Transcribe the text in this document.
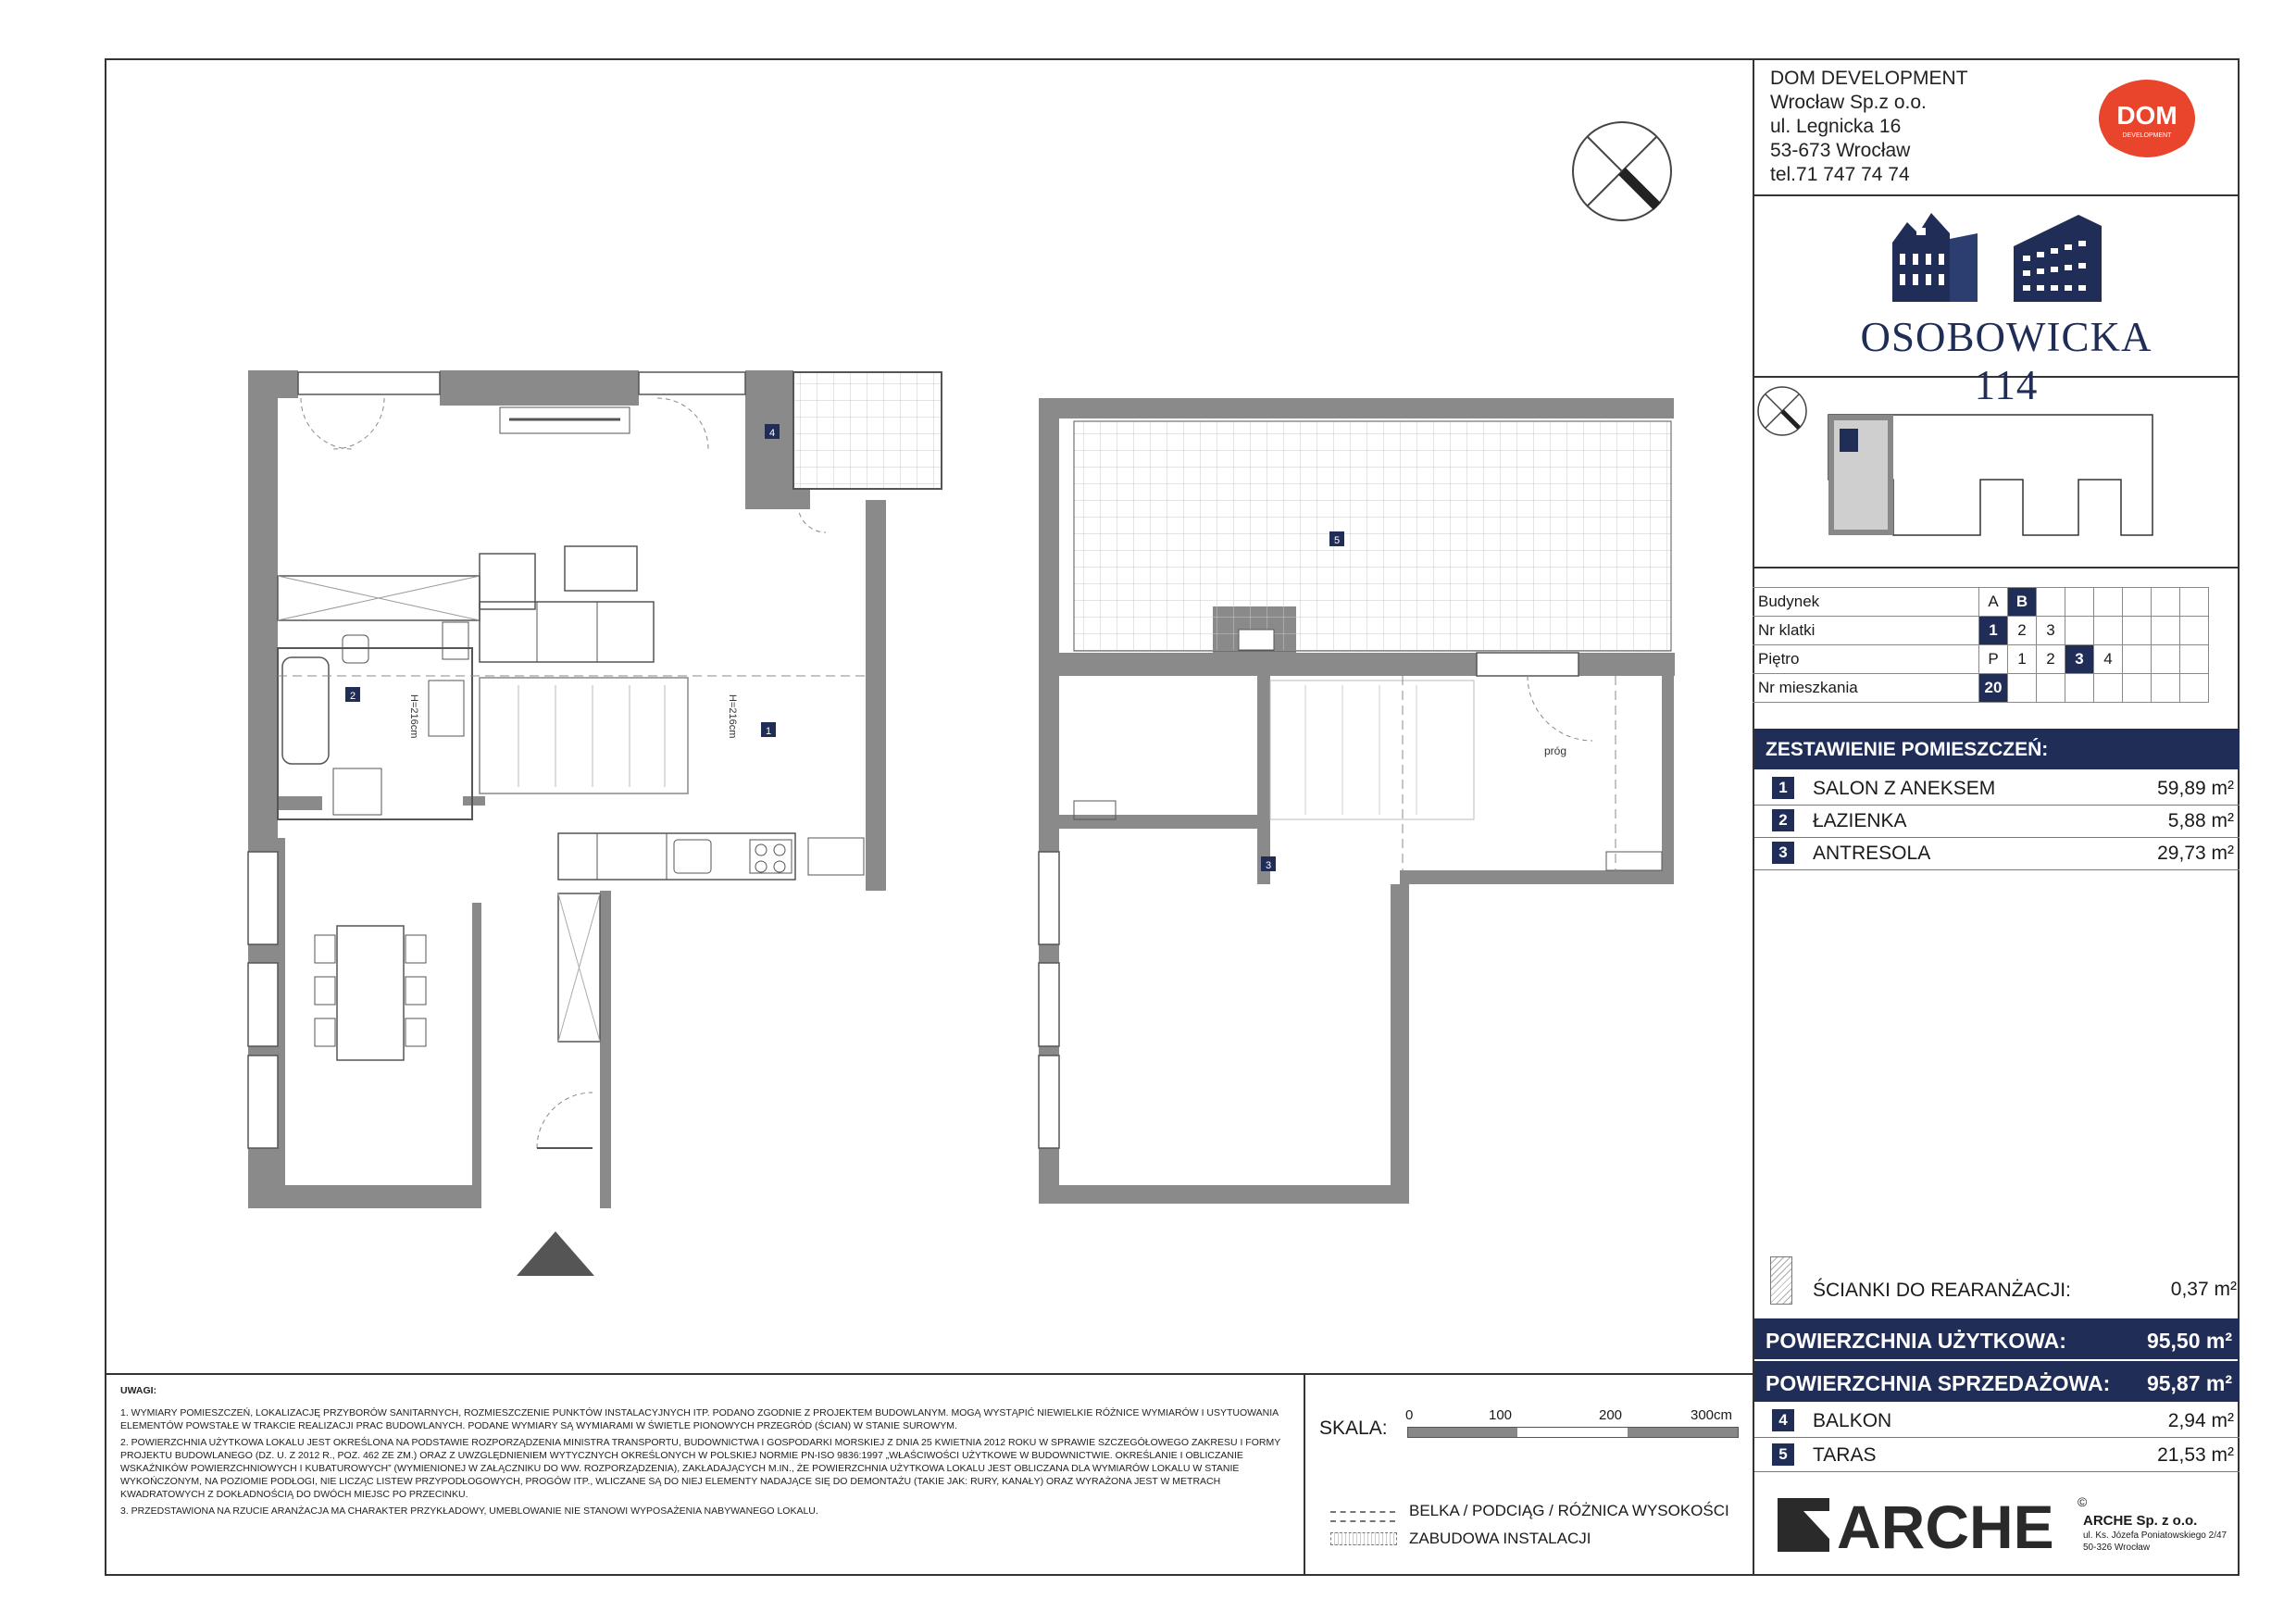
DOM DEVELOPMENT
Wrocław Sp.z o.o.
ul. Legnicka 16
53-673 Wrocław
tel.71 747 74 74
DOM
DEVELOPMENT
OSOBOWICKA 114
Budynek	A	B						
Nr klatki	1	2	3					
Piętro	P	1	2	3	4			
Nr mieszkania	20							
ZESTAWIENIE POMIESZCZEŃ:
1	SALON Z ANEKSEM	59,89 m²
2	ŁAZIENKA	5,88 m²
3	ANTRESOLA	29,73 m²
ŚCIANKI DO REARANŻACJI:	0,37 m²
POWIERZCHNIA UŻYTKOWA:	95,50 m²
POWIERZCHNIA SPRZEDAŻOWA: 95,87 m²
4	BALKON	2,94 m²
5	TARAS	21,53 m²
ARCHE ©
ARCHE Sp. z o.o.
ul. Ks. Józefa Poniatowskiego 2/47
50-326 Wrocław

UWAGI:

1. WYMIARY POMIESZCZEŃ, LOKALIZACJĘ PRZYBORÓW SANITARNYCH, ROZMIESZCZENIE PUNKTÓW INSTALACYJNYCH ITP. PODANO ZGODNIE Z PROJEKTEM BUDOWLANYM. MOGĄ WYSTĄPIĆ NIEWIELKIE RÓŻNICE WYMIARÓW I USYTUOWANIA ELEMENTÓW POWSTAŁE W TRAKCIE REALIZACJI PRAC BUDOWLANYCH. PODANE WYMIARY SĄ WYMIARAMI W ŚWIETLE PIONOWYCH PRZEGRÓD (ŚCIAN) W STANIE SUROWYM.

2. POWIERZCHNIA UŻYTKOWA LOKALU JEST OKREŚLONA NA PODSTAWIE ROZPORZĄDZENIA MINISTRA TRANSPORTU, BUDOWNICTWA I GOSPODARKI MORSKIEJ Z DNIA 25 KWIETNIA 2012 ROKU W SPRAWIE SZCZEGÓŁOWEGO ZAKRESU I FORMY PROJEKTU BUDOWLANEGO (DZ. U. Z 2012 R., POZ. 462 ZE ZM.) ORAZ Z UWZGLĘDNIENIEM WYTYCZNYCH OKREŚLONYCH W POLSKIEJ NORMIE PN-ISO 9836:1997 „WŁAŚCIWOŚCI UŻYTKOWE W BUDOWNICTWIE. OKREŚLANIE I OBLICZANIE WSKAŹNIKÓW POWIERZCHNIOWYCH I KUBATUROWYCH” (WYMIENIONEJ W ZAŁĄCZNIKU DO WW. ROZPORZĄDZENIA), ZAKŁADAJĄCYCH M.IN., ŻE POWIERZCHNIA UŻYTKOWA LOKALU JEST OBLICZANA DLA WYMIARÓW LOKALU W STANIE WYKOŃCZONYM, NA POZIOMIE PODŁOGI, NIE LICZĄC LISTEW PRZYPODŁOGOWYCH, PROGÓW ITP., WLICZANE SĄ DO NIEJ ELEMENTY NADAJĄCE SIĘ DO DEMONTAŻU (TAKIE JAK: RURY, KANAŁY) ORAZ WYRAŻONA JEST W METRACH KWADRATOWYCH Z DOKŁADNOŚCIĄ DO DWÓCH MIEJSC PO PRZECINKU.

3. PRZEDSTAWIONA NA RZUCIE ARANŻACJA MA CHARAKTER PRZYKŁADOWY, UMEBLOWANIE NIE STANOWI WYPOSAŻENIA NABYWANEGO LOKALU.

SKALA:
0	100	200	300cm
BELKA / PODCIĄG / RÓŻNICA WYSOKOŚCI
ZABUDOWA INSTALACJI
4
2
1
5
3
H=216cm	H=216cm
próg
